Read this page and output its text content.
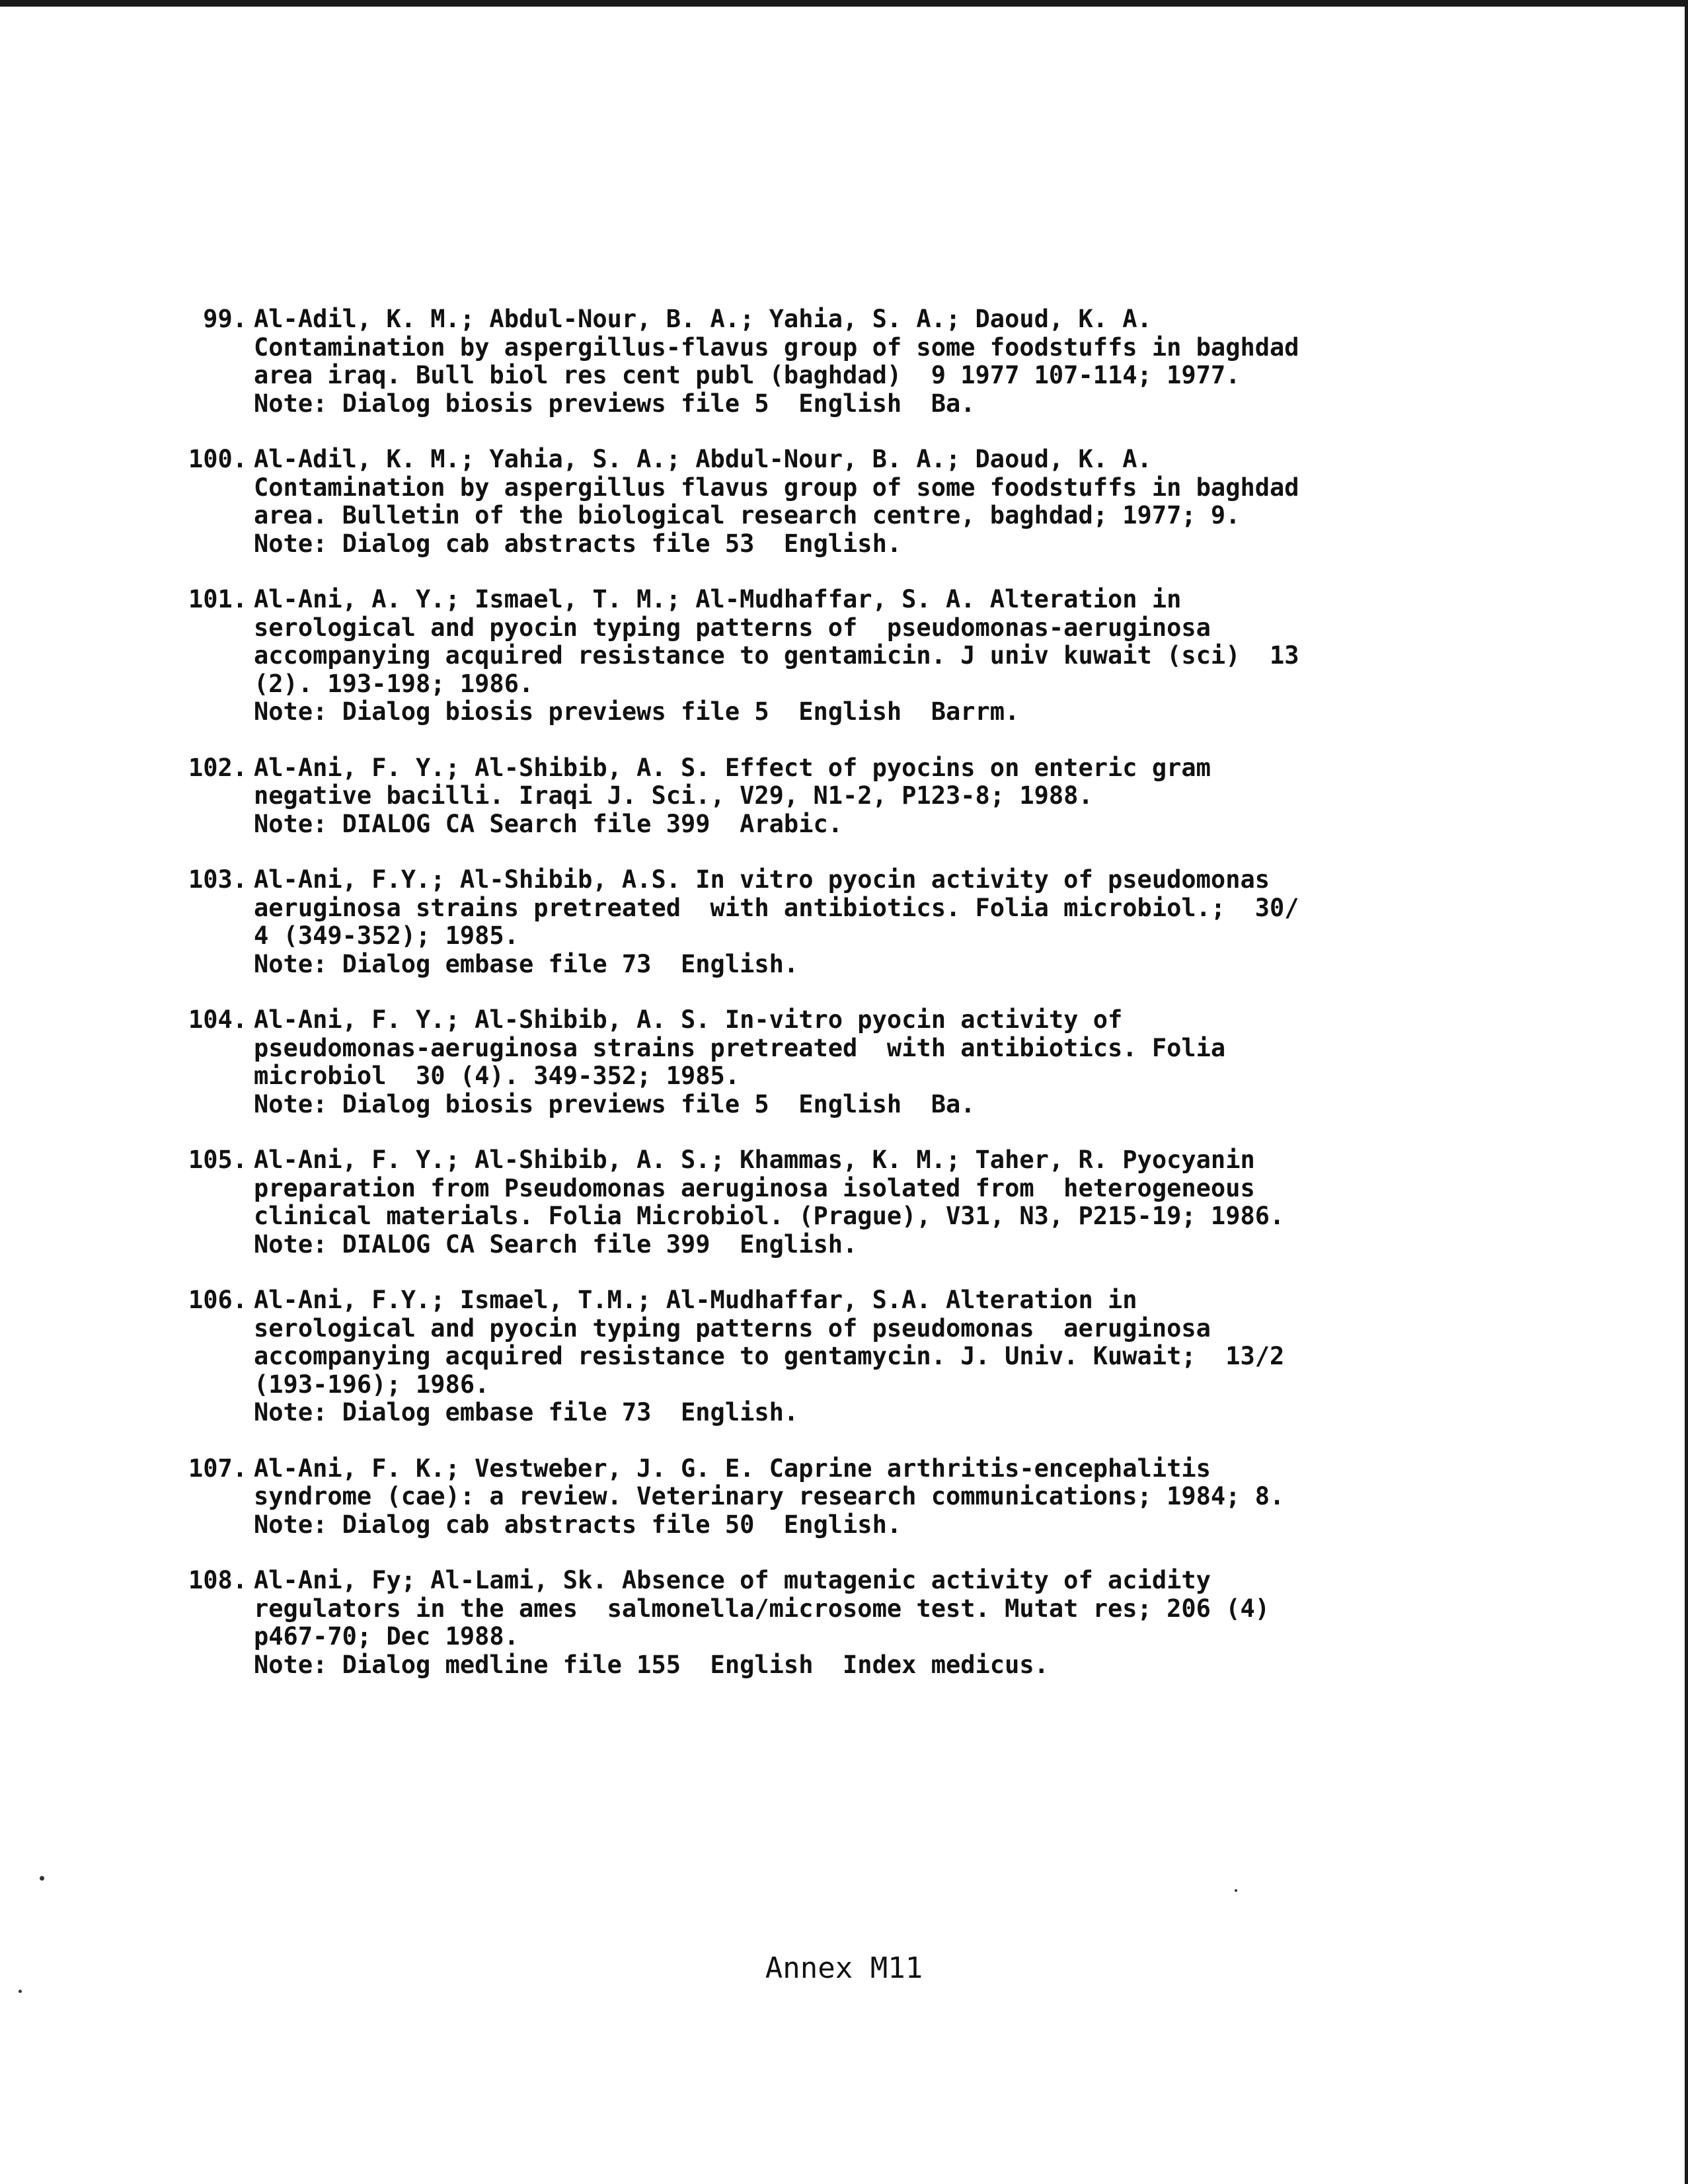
99. Al-Adil, K. M.; Abdul-Nour, B. A.; Yahia, S. A.; Daoud, K. A.
Contamination by aspergillus-flavus group of some foodstuffs in baghdad
area iraq. Bull biol res cent publ (baghdad)  9 1977 107-114; 1977.
Note: Dialog biosis previews file 5  English  Ba.
100. Al-Adil, K. M.; Yahia, S. A.; Abdul-Nour, B. A.; Daoud, K. A.
Contamination by aspergillus flavus group of some foodstuffs in baghdad
area. Bulletin of the biological research centre, baghdad; 1977; 9.
Note: Dialog cab abstracts file 53  English.
101. Al-Ani, A. Y.; Ismael, T. M.; Al-Mudhaffar, S. A. Alteration in
serological and pyocin typing patterns of  pseudomonas-aeruginosa
accompanying acquired resistance to gentamicin. J univ kuwait (sci)  13
(2). 193-198; 1986.
Note: Dialog biosis previews file 5  English  Barrm.
102. Al-Ani, F. Y.; Al-Shibib, A. S. Effect of pyocins on enteric gram
negative bacilli. Iraqi J. Sci., V29, N1-2, P123-8; 1988.
Note: DIALOG CA Search file 399  Arabic.
103. Al-Ani, F.Y.; Al-Shibib, A.S. In vitro pyocin activity of pseudomonas
aeruginosa strains pretreated  with antibiotics. Folia microbiol.;  30/
4 (349-352); 1985.
Note: Dialog embase file 73  English.
104. Al-Ani, F. Y.; Al-Shibib, A. S. In-vitro pyocin activity of
pseudomonas-aeruginosa strains pretreated  with antibiotics. Folia
microbiol  30 (4). 349-352; 1985.
Note: Dialog biosis previews file 5  English  Ba.
105. Al-Ani, F. Y.; Al-Shibib, A. S.; Khammas, K. M.; Taher, R. Pyocyanin
preparation from Pseudomonas aeruginosa isolated from  heterogeneous
clinical materials. Folia Microbiol. (Prague), V31, N3, P215-19; 1986.
Note: DIALOG CA Search file 399  English.
106. Al-Ani, F.Y.; Ismael, T.M.; Al-Mudhaffar, S.A. Alteration in
serological and pyocin typing patterns of pseudomonas  aeruginosa
accompanying acquired resistance to gentamycin. J. Univ. Kuwait;  13/2
(193-196); 1986.
Note: Dialog embase file 73  English.
107. Al-Ani, F. K.; Vestweber, J. G. E. Caprine arthritis-encephalitis
syndrome (cae): a review. Veterinary research communications; 1984; 8.
Note: Dialog cab abstracts file 50  English.
108. Al-Ani, Fy; Al-Lami, Sk. Absence of mutagenic activity of acidity
regulators in the ames  salmonella/microsome test. Mutat res; 206 (4)
p467-70; Dec 1988.
Note: Dialog medline file 155  English  Index medicus.
Annex M11
